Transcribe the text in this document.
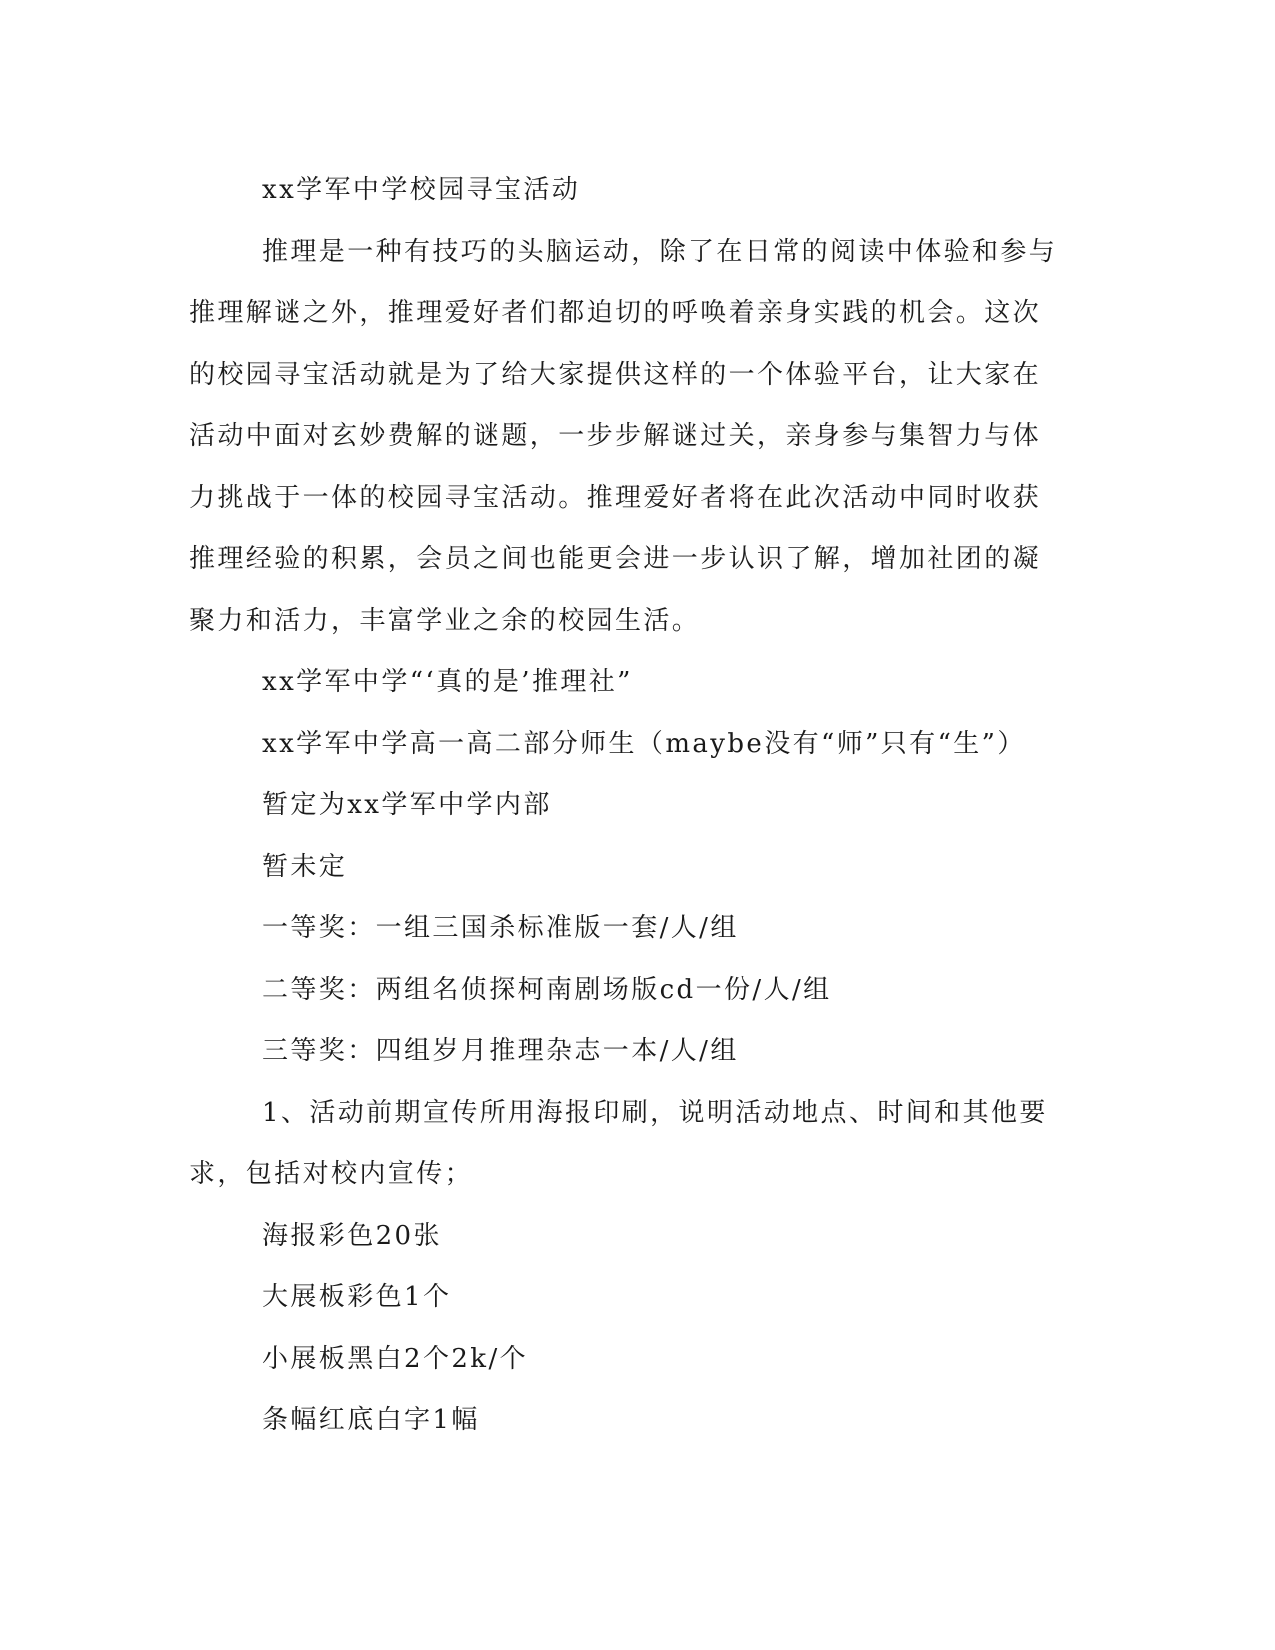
xx学军中学校园寻宝活动

推理是一种有技巧的头脑运动，除了在日常的阅读中体验和参与
推理解谜之外，推理爱好者们都迫切的呼唤着亲身实践的机会。这次
的校园寻宝活动就是为了给大家提供这样的一个体验平台，让大家在
活动中面对玄妙费解的谜题，一步步解谜过关，亲身参与集智力与体
力挑战于一体的校园寻宝活动。推理爱好者将在此次活动中同时收获
推理经验的积累，会员之间也能更会进一步认识了解，增加社团的凝
聚力和活力，丰富学业之余的校园生活。

xx学军中学“‘真的是’推理社”

xx学军中学高一高二部分师生（maybe没有“师”只有“生”）

暂定为xx学军中学内部

暂未定

一等奖：一组三国杀标准版一套/人/组

二等奖：两组名侦探柯南剧场版cd一份/人/组

三等奖：四组岁月推理杂志一本/人/组

1、活动前期宣传所用海报印刷，说明活动地点、时间和其他要
求，包括对校内宣传；

海报彩色20张

大展板彩色1个

小展板黑白2个2k/个

条幅红底白字1幅
